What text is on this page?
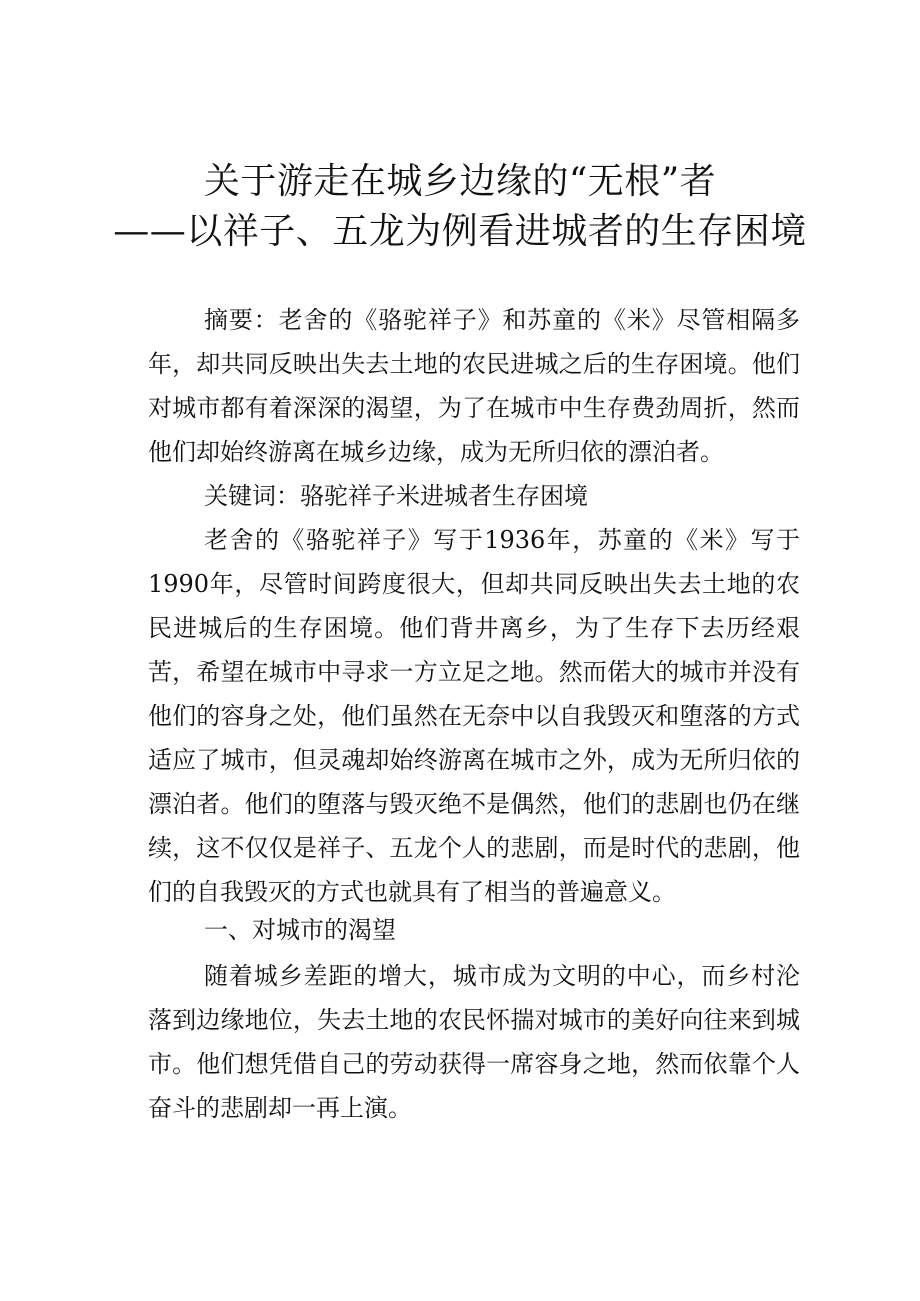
关于游走在城乡边缘的“无根”者
——以祥子、五龙为例看进城者的生存困境

摘要：老舍的《骆驼祥子》和苏童的《米》尽管相隔多年，却共同反映出失去土地的农民进城之后的生存困境。他们对城市都有着深深的渴望，为了在城市中生存费劲周折，然而他们却始终游离在城乡边缘，成为无所归依的漂泊者。

关键词：骆驼祥子米进城者生存困境

老舍的《骆驼祥子》写于1936年，苏童的《米》写于1990年，尽管时间跨度很大，但却共同反映出失去土地的农民进城后的生存困境。他们背井离乡，为了生存下去历经艰苦，希望在城市中寻求一方立足之地。然而偌大的城市并没有他们的容身之处，他们虽然在无奈中以自我毁灭和堕落的方式适应了城市，但灵魂却始终游离在城市之外，成为无所归依的漂泊者。他们的堕落与毁灭绝不是偶然，他们的悲剧也仍在继续，这不仅仅是祥子、五龙个人的悲剧，而是时代的悲剧，他们的自我毁灭的方式也就具有了相当的普遍意义。

一、对城市的渴望

随着城乡差距的增大，城市成为文明的中心，而乡村沦落到边缘地位，失去土地的农民怀揣对城市的美好向往来到城市。他们想凭借自己的劳动获得一席容身之地，然而依靠个人奋斗的悲剧却一再上演。
